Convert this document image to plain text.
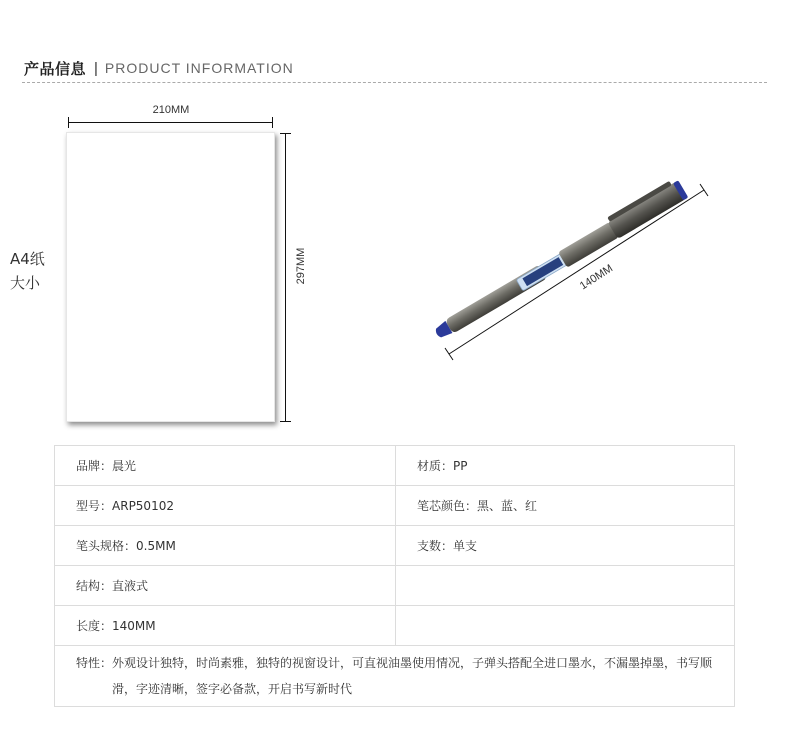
产品信息 | PRODUCT INFORMATION
210MM
297MM
A4纸
大小	140MM
品牌：晨光	材质：PP
型号：ARP50102	笔芯颜色：黑、蓝、红
笔头规格：0.5MM	支数：单支
结构：直液式	
长度：140MM	

特性： 外观设计独特，时尚素雅，独特的视窗设计，可直视油墨使用情况，子弹头搭配全进口墨水，不漏墨掉墨，书写顺滑，字迹清晰，签字必备款，开启书写新时代	
